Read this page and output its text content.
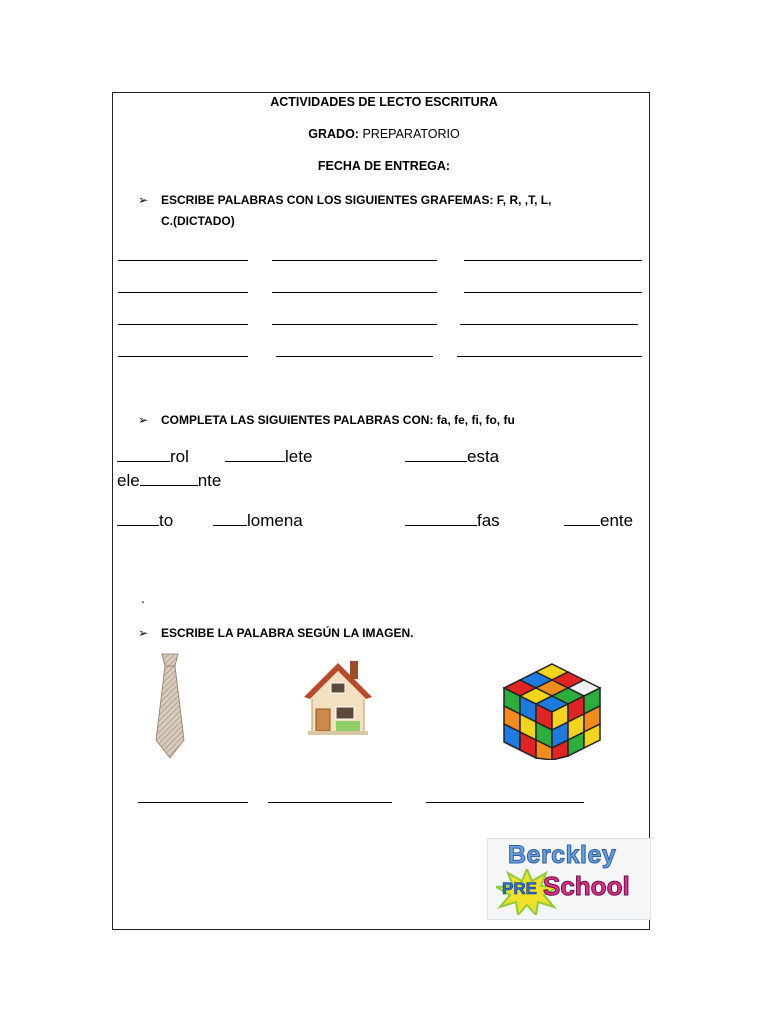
ACTIVIDADES DE LECTO ESCRITURA
GRADO: PREPARATORIO
FECHA DE ENTREGA:
➢ ESCRIBE PALABRAS CON LOS SIGUIENTES GRAFEMAS: F, R, ,T, L,
C.(DICTADO)
➢ COMPLETA LAS SIGUIENTES PALABRAS CON: fa, fe, fi, fo, fu
rol	lete	esta
ele	nte
to	lomena	fas	ente
.
➢ ESCRIBE LA PALABRA SEGÚN LA IMAGEN.
Berckley
PRE School
